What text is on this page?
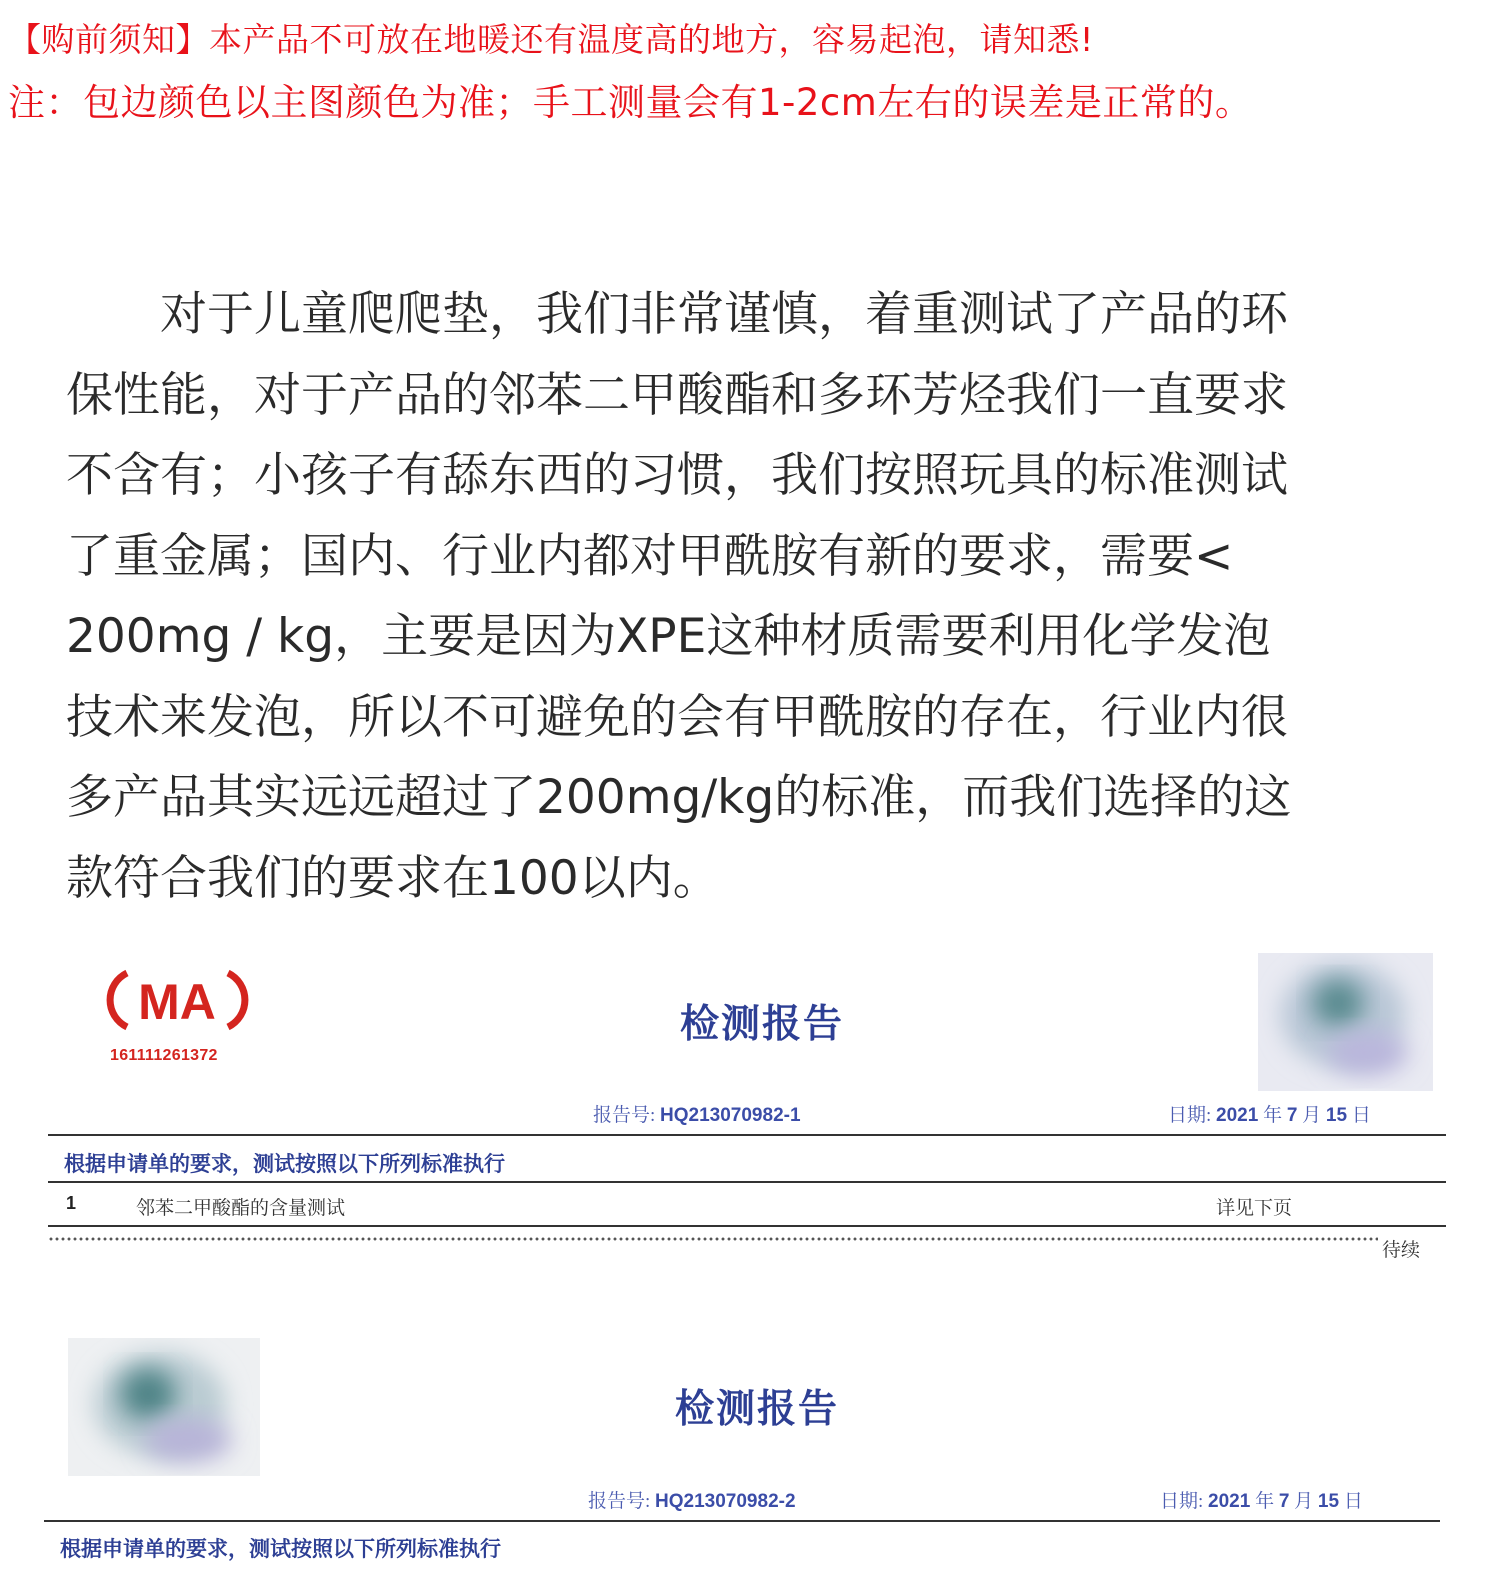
【购前须知】本产品不可放在地暖还有温度高的地方，容易起泡，请知悉!
注：包边颜色以主图颜色为准；手工测量会有1-2cm左右的误差是正常的。
　　对于儿童爬爬垫，我们非常谨慎，着重测试了产品的环
保性能，对于产品的邻苯二甲酸酯和多环芳烃我们一直要求
不含有；小孩子有舔东西的习惯，我们按照玩具的标准测试
了重金属；国内、行业内都对甲酰胺有新的要求，需要<
200mg / kg，主要是因为XPE这种材质需要利用化学发泡
技术来发泡，所以不可避免的会有甲酰胺的存在，行业内很
多产品其实远远超过了200mg/kg的标准，而我们选择的这
款符合我们的要求在100以内。
MA
161111261372
检测报告
报告号: HQ213070982-1	日期: 2021 年 7 月 15 日
根据申请单的要求，测试按照以下所列标准执行
1	邻苯二甲酸酯的含量测试	详见下页
待续
检测报告
报告号: HQ213070982-2	日期: 2021 年 7 月 15 日
根据申请单的要求，测试按照以下所列标准执行
